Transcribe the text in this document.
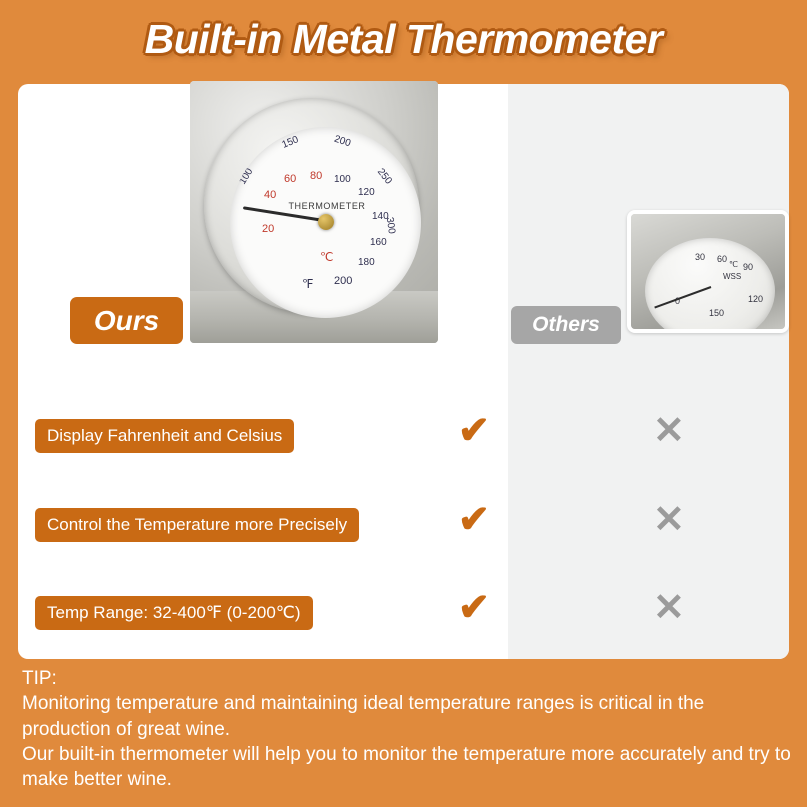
Built-in Metal Thermometer
150	200
100	250
300
200
180
160
140
120
100
20
40
60 80
℃
℉
THERMOMETER
30 60
90
120
150
0
℃
WSS
Ours	Others
Display Fahrenheit and Celsius	✔	✕
Control the Temperature more Precisely	✔	✕
Temp Range: 32-400℉ (0-200℃)	✔	✕
TIP:
Monitoring temperature and maintaining ideal temperature ranges is critical in the production of great wine.
Our built-in thermometer will help you to monitor the temperature more accurately and try to make better wine.
